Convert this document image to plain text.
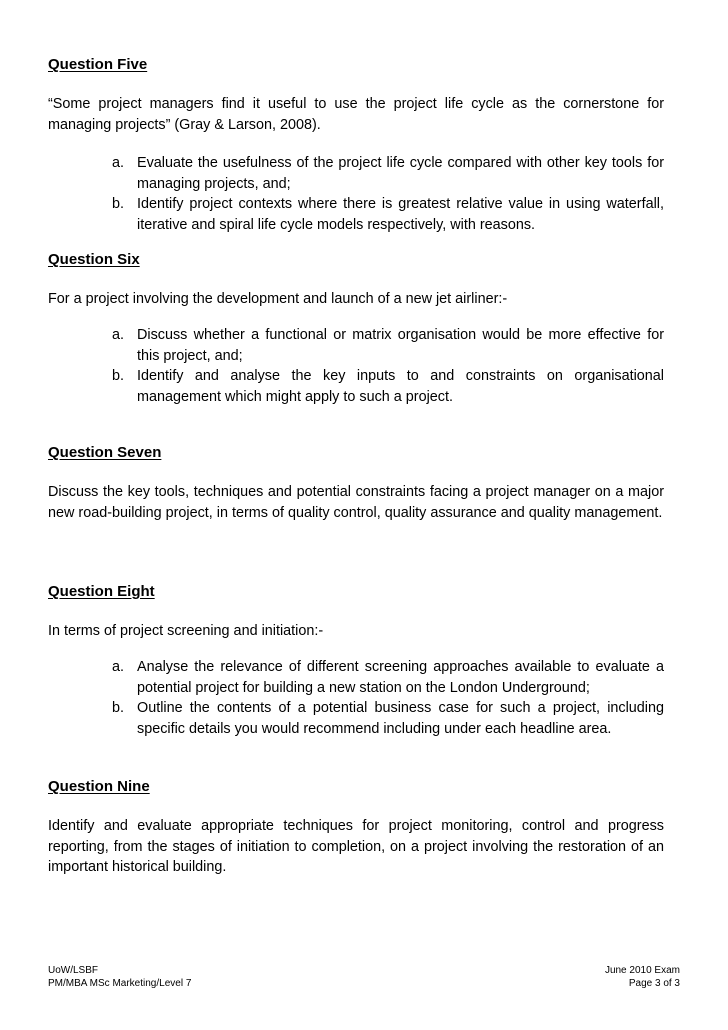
Question Five

“Some project managers find it useful to use the project life cycle as the cornerstone for managing projects” (Gray & Larson, 2008).

a. Evaluate the usefulness of the project life cycle compared with other key tools for managing projects, and;
b. Identify project contexts where there is greatest relative value in using waterfall, iterative and spiral life cycle models respectively, with reasons.
Question Six

For a project involving the development and launch of a new jet airliner:-

a. Discuss whether a functional or matrix organisation would be more effective for this project, and;
b. Identify and analyse the key inputs to and constraints on organisational management which might apply to such a project.
Question Seven

Discuss the key tools, techniques and potential constraints facing a project manager on a major new road-building project, in terms of quality control, quality assurance and quality management.

Question Eight

In terms of project screening and initiation:-

a. Analyse the relevance of different screening approaches available to evaluate a potential project for building a new station on the London Underground;
b. Outline the contents of a potential business case for such a project, including specific details you would recommend including under each headline area.
Question Nine

Identify and evaluate appropriate techniques for project monitoring, control and progress reporting, from the stages of initiation to completion, on a project involving the restoration of an important historical building.

UoW/LSBF
PM/MBA MSc Marketing/Level 7
June 2010 Exam
Page 3 of 3
